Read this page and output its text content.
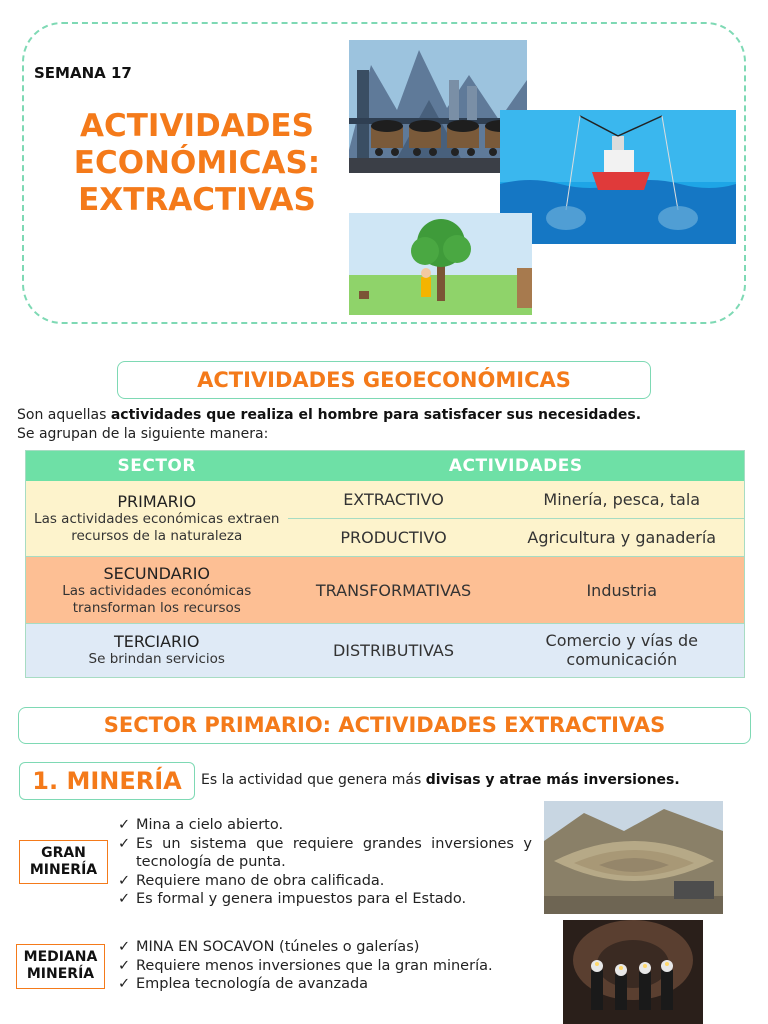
SEMANA 17
ACTIVIDADES
ECONÓMICAS:
EXTRACTIVAS
ACTIVIDADES GEOECONÓMICAS
Son aquellas actividades que realiza el hombre para satisfacer sus necesidades.
Se agrupan de la siguiente manera:
SECTOR	ACTIVIDADES	

PRIMARIO
Las actividades económicas extraen recursos de la naturaleza	EXTRACTIVO	Minería, pesca, tala
	PRODUCTIVO	Agricultura y ganadería

SECUNDARIO
Las actividades económicas transforman los recursos	TRANSFORMATIVAS	Industria

TERCIARIO
Se brindan servicios	DISTRIBUTIVAS	Comercio y vías de comunicación
SECTOR PRIMARIO: ACTIVIDADES EXTRACTIVAS
1. MINERÍA	Es la actividad que genera más divisas y atrae más inversiones.
GRAN
MINERÍA
✓ Mina a cielo abierto.
✓ Es un sistema que requiere grandes inversiones y tecnología de punta.
✓ Requiere mano de obra calificada.
✓ Es formal y genera impuestos para el Estado.
MEDIANA
MINERÍA
✓ MINA EN SOCAVON (túneles o galerías)
✓ Requiere menos inversiones que la gran minería.
✓ Emplea tecnología de avanzada
